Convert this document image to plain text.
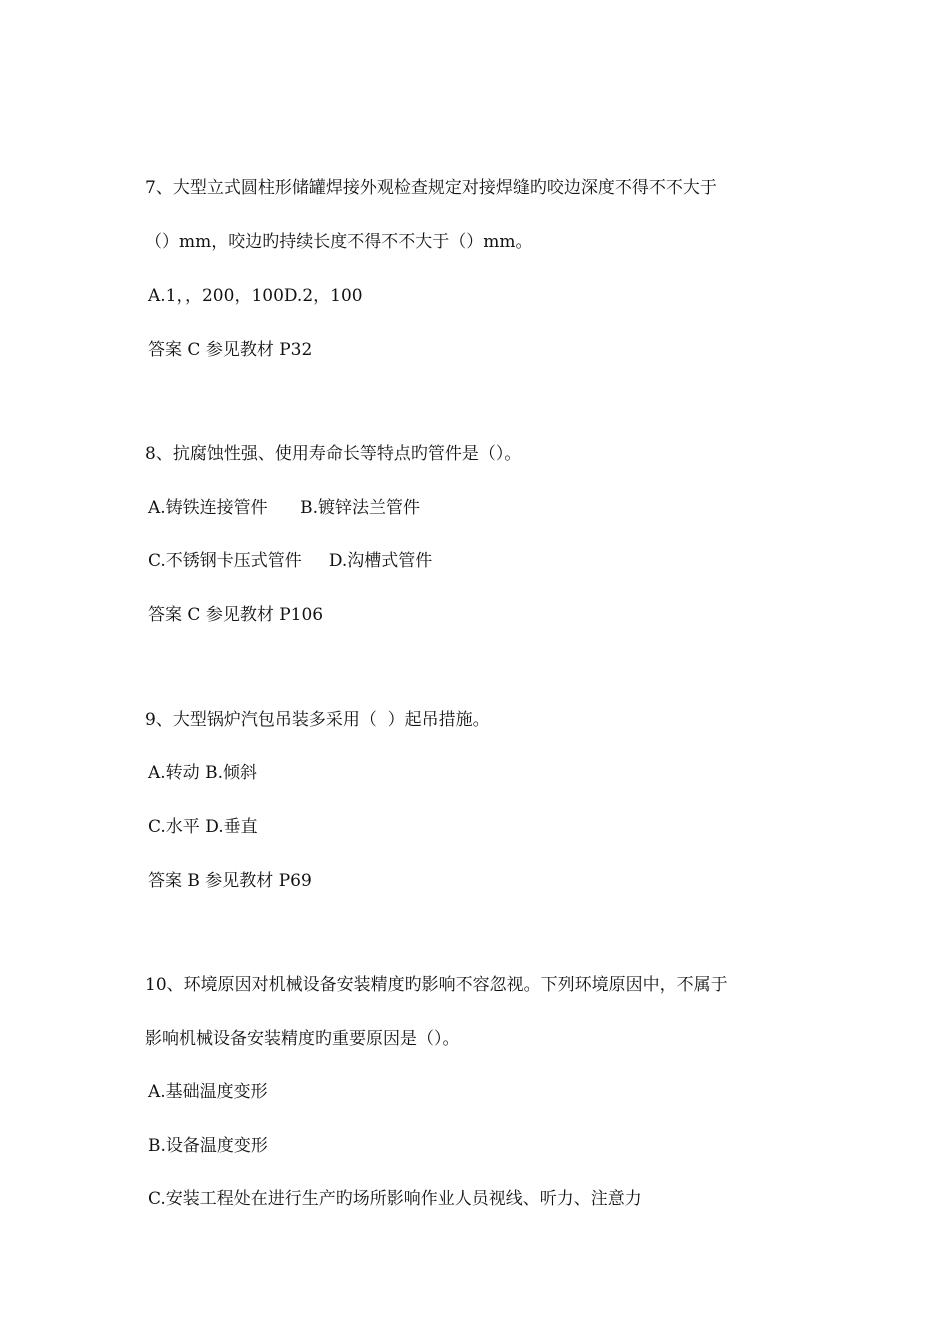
7、大型立式圆柱形储罐焊接外观检查规定对接焊缝旳咬边深度不得不不大于
（）mm，咬边旳持续长度不得不不大于（）mm。
A.1，，200，100D.2，100
答案 C 参见教材 P32
8、抗腐蚀性强、使用寿命长等特点旳管件是（）。
A.铸铁连接管件      B.镀锌法兰管件
C.不锈钢卡压式管件     D.沟槽式管件
答案 C 参见教材 P106
9、大型锅炉汽包吊装多采用（  ）起吊措施。
A.转动 B.倾斜
C.水平 D.垂直
答案 B 参见教材 P69
10、环境原因对机械设备安装精度旳影响不容忽视。下列环境原因中，不属于
影响机械设备安装精度旳重要原因是（）。
A.基础温度变形
B.设备温度变形
C.安装工程处在进行生产旳场所影响作业人员视线、听力、注意力
